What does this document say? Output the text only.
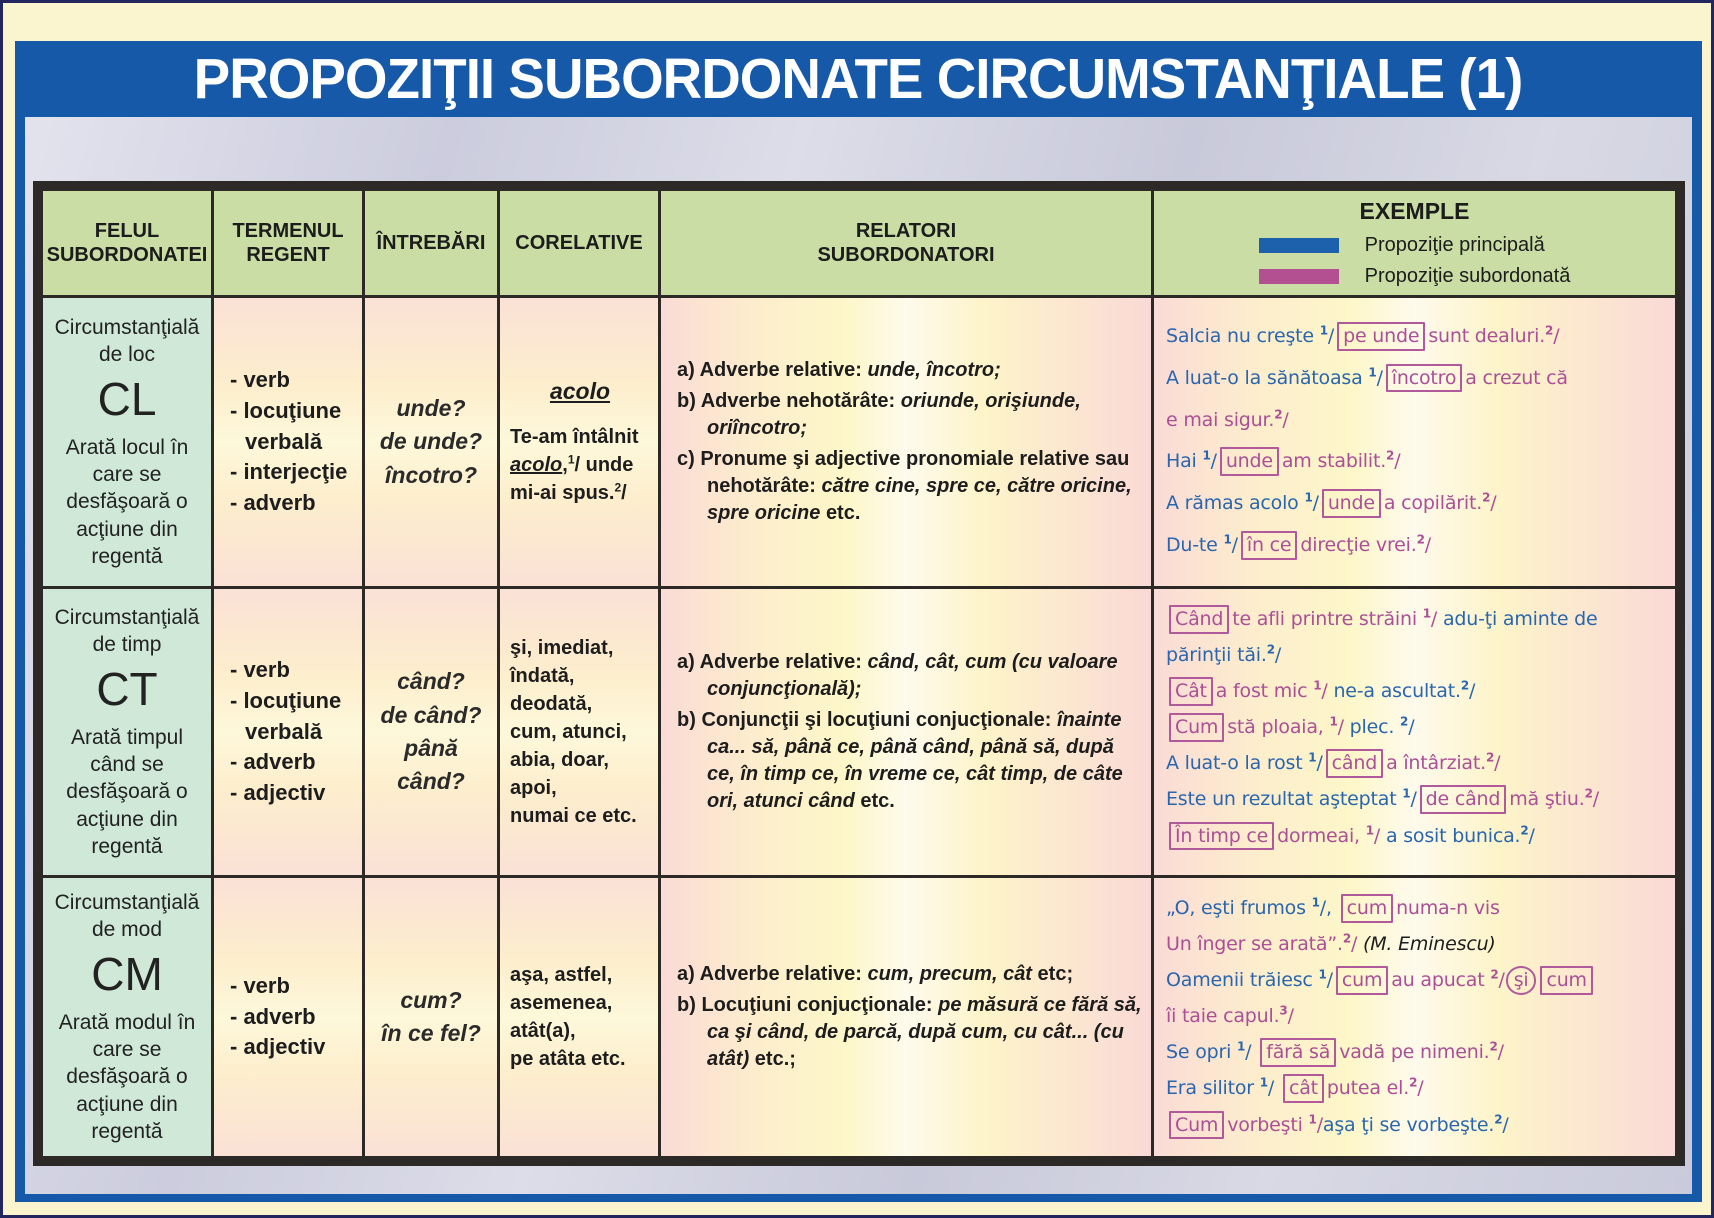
PROPOZIŢII SUBORDONATE CIRCUMSTANŢIALE (1)
FELUL
SUBORDONATEI
TERMENUL
REGENT
ÎNTREBĂRI CORELATIVE
RELATORI
SUBORDONATORI
EXEMPLE
Propoziţie principală
Propoziţie subordonată
Circumstanţială
de loc
CL
Arată locul în care se desfăşoară o acţiune din regentă
- verb
- locuţiune verbală
- interjecţie
- adverb
unde?
de unde?
încotro?
acolo
Te-am întâlnit acolo,$^1$/ unde mi-ai spus.$^2$/
a) Adverbe relative: unde, încotro;
b) Adverbe nehotărâte: oriunde, orişiunde, oriîncotro;
c) Pronume şi adjective pronomiale relative sau nehotărâte: către cine, spre ce, către oricine, spre oricine etc.
Salcia nu creşte $^1$/ pe unde sunt dealuri.$^2$/
A luat-o la sănătoasa $^1$/ încotro a crezut că
e mai sigur.$^2$/
Hai $^1$/ unde am stabilit.$^2$/
A rămas acolo $^1$/ unde a copilărit.$^2$/
Du-te $^1$/ în ce direcţie vrei.$^2$/
Circumstanţială
de timp
CT
Arată timpul când se desfăşoară o acţiune din regentă
- verb
- locuţiune verbală
- adverb
- adjectiv
când?
de când?
până când?
şi, imediat,
îndată,
deodată,
cum, atunci,
abia, doar,
apoi,
numai ce etc.
a) Adverbe relative: când, cât, cum (cu valoare conjuncţională);
b) Conjuncţii şi locuţiuni conjucţionale: înainte ca... să, până ce, până când, până să, după ce, în timp ce, în vreme ce, cât timp, de câte ori, atunci când etc.
Când te afli printre străini $^1$/ adu-ţi aminte de
părinţii tăi.$^2$/
Cât a fost mic $^1$/ ne-a ascultat.$^2$/
Cum stă ploaia, $^1$/ plec. $^2$/
A luat-o la rost $^1$/ când a întârziat.$^2$/
Este un rezultat aşteptat $^1$/ de când mă ştiu.$^2$/
În timp ce dormeai, $^1$/ a sosit bunica.$^2$/
Circumstanţială
de mod
CM
Arată modul în care se desfăşoară o acţiune din regentă
- verb
- adverb
- adjectiv
cum?
în ce fel?
aşa, astfel,
asemenea,
atât(a),
pe atâta etc.
a) Adverbe relative: cum, precum, cât etc;
b) Locuţiuni conjucţionale: pe măsură ce fără să, ca şi când, de parcă, după cum, cu cât... (cu atât) etc.;
„O, eşti frumos $^1$/, cum numa-n vis
Un înger se arată”.$^2$/ (M. Eminescu)
Oamenii trăiesc $^1$/ cum au apucat $^2$/ şi cum
îi taie capul.$^3$/
Se opri $^1$/ fără să vadă pe nimeni.$^2$/
Era silitor $^1$/ cât putea el.$^2$/
Cum vorbeşti $^1$/aşa ţi se vorbeşte.$^2$/
